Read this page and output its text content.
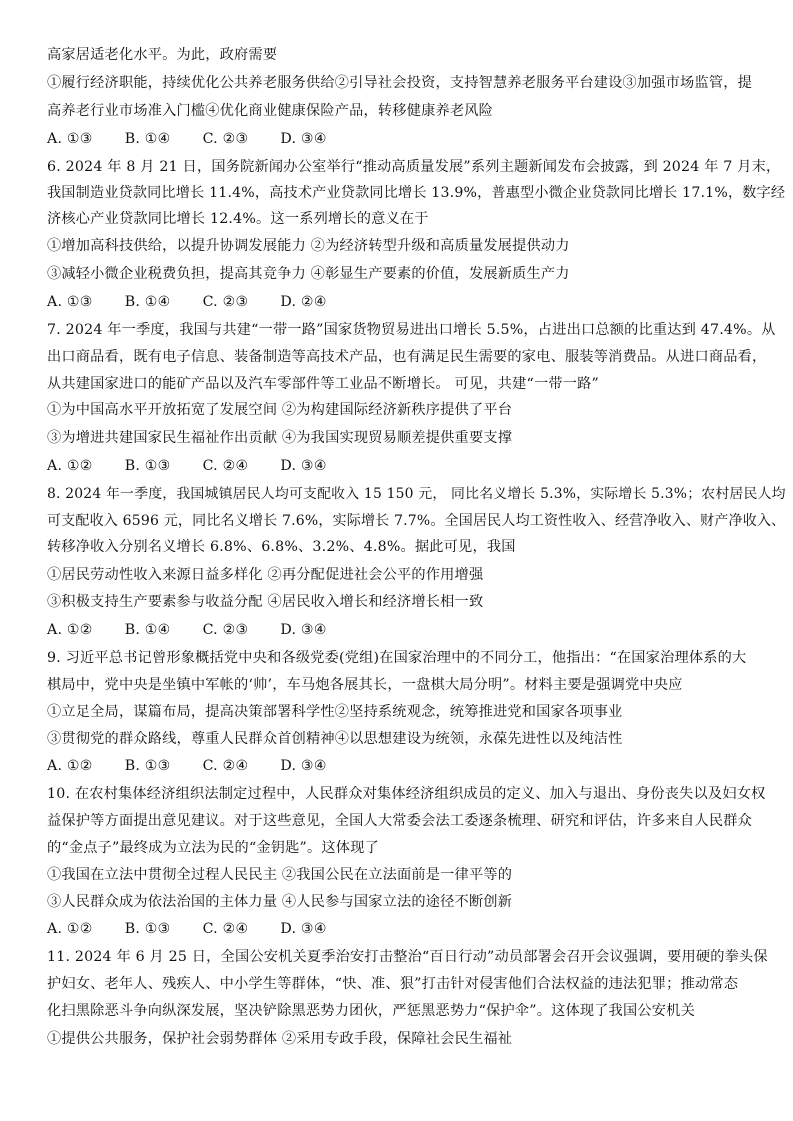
高家居适老化水平。为此，政府需要
①履行经济职能，持续优化公共养老服务供给②引导社会投资，支持智慧养老服务平台建设③加强市场监管，提
高养老行业市场准入门槛④优化商业健康保险产品，转移健康养老风险
A. ①③ B. ①④ C. ②③ D. ③④
6. 2024 年 8 月 21 日，国务院新闻办公室举行“推动高质量发展”系列主题新闻发布会披露，到 2024 年 7 月末，
我国制造业贷款同比增长 11.4%，高技术产业贷款同比增长 13.9%，普惠型小微企业贷款同比增长 17.1%，数字经
济核心产业贷款同比增长 12.4%。这一系列增长的意义在于
①增加高科技供给，以提升协调发展能力 ②为经济转型升级和高质量发展提供动力
③减轻小微企业税费负担，提高其竞争力 ④彰显生产要素的价值，发展新质生产力
A. ①③ B. ①④ C. ②③ D. ②④
7. 2024 年一季度，我国与共建“一带一路”国家货物贸易进出口增长 5.5%，占进出口总额的比重达到 47.4%。从
出口商品看，既有电子信息、装备制造等高技术产品，也有满足民生需要的家电、服装等消费品。从进口商品看，
从共建国家进口的能矿产品以及汽车零部件等工业品不断增长。 可见，共建“一带一路”
①为中国高水平开放拓宽了发展空间 ②为构建国际经济新秩序提供了平台
③为增进共建国家民生福祉作出贡献 ④为我国实现贸易顺差提供重要支撑
A. ①② B. ①③ C. ②④ D. ③④
8. 2024 年一季度，我国城镇居民人均可支配收入 15 150 元， 同比名义增长 5.3%，实际增长 5.3%；农村居民人均
可支配收入 6596 元，同比名义增长 7.6%，实际增长 7.7%。全国居民人均工资性收入、经营净收入、财产净收入、
转移净收入分别名义增长 6.8%、6.8%、3.2%、4.8%。据此可见，我国
①居民劳动性收入来源日益多样化 ②再分配促进社会公平的作用增强
③积极支持生产要素参与收益分配 ④居民收入增长和经济增长相一致
A. ①② B. ①④ C. ②③ D. ③④
9. 习近平总书记曾形象概括党中央和各级党委(党组)在国家治理中的不同分工，他指出：“在国家治理体系的大
棋局中，党中央是坐镇中军帐的‘帅’，车马炮各展其长，一盘棋大局分明”。材料主要是强调党中央应
①立足全局，谋篇布局，提高决策部署科学性②坚持系统观念，统筹推进党和国家各项事业
③贯彻党的群众路线，尊重人民群众首创精神④以思想建设为统领，永葆先进性以及纯洁性
A. ①② B. ①③ C. ②④ D. ③④
10. 在农村集体经济组织法制定过程中，人民群众对集体经济组织成员的定义、加入与退出、身份丧失以及妇女权
益保护等方面提出意见建议。对于这些意见，全国人大常委会法工委逐条梳理、研究和评估，许多来自人民群众
的“金点子”最终成为立法为民的“金钥匙”。这体现了
①我国在立法中贯彻全过程人民民主 ②我国公民在立法面前是一律平等的
③人民群众成为依法治国的主体力量 ④人民参与国家立法的途径不断创新
A. ①② B. ①③ C. ②④ D. ③④
11. 2024 年 6 月 25 日，全国公安机关夏季治安打击整治“百日行动”动员部署会召开会议强调，要用硬的拳头保
护妇女、老年人、残疾人、中小学生等群体，“快、准、狠”打击针对侵害他们合法权益的违法犯罪；推动常态
化扫黑除恶斗争向纵深发展，坚决铲除黑恶势力团伙，严惩黑恶势力“保护伞”。这体现了我国公安机关
①提供公共服务，保护社会弱势群体 ②采用专政手段，保障社会民生福祉
